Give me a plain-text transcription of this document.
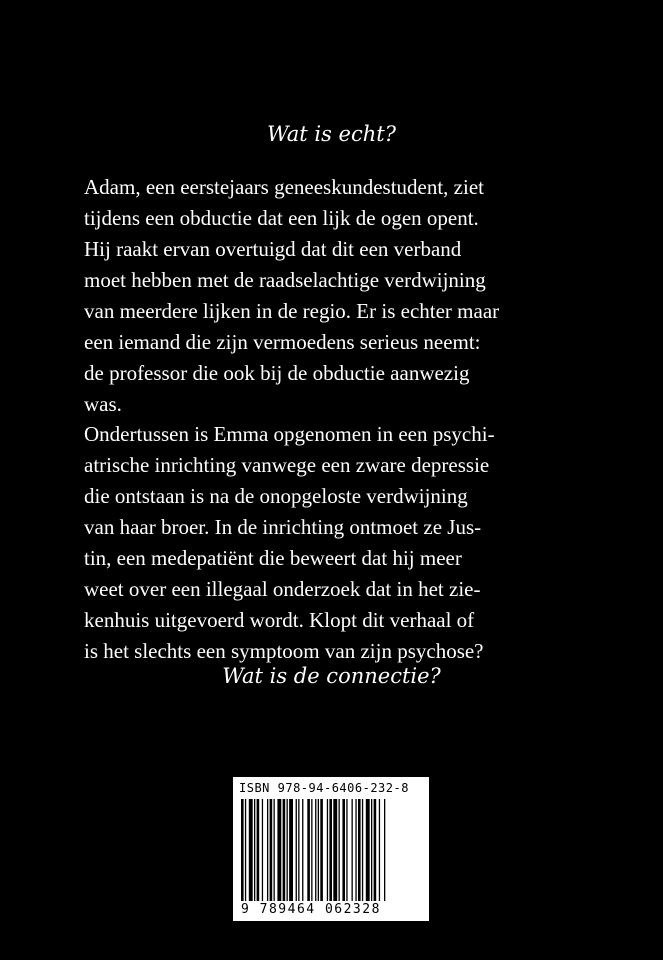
Wat is echt?

Adam, een eerstejaars geneeskundestudent, ziet
tijdens een obductie dat een lijk de ogen opent.
Hij raakt ervan overtuigd dat dit een verband
moet hebben met de raadselachtige verdwijning
van meerdere lijken in de regio. Er is echter maar
een iemand die zijn vermoedens serieus neemt:
de professor die ook bij de obductie aanwezig
was.

Ondertussen is Emma opgenomen in een psychi-
atrische inrichting vanwege een zware depressie
die ontstaan is na de onopgeloste verdwijning
van haar broer. In de inrichting ontmoet ze Jus-
tin, een medepatiënt die beweert dat hij meer
weet over een illegaal onderzoek dat in het zie-
kenhuis uitgevoerd wordt. Klopt dit verhaal of
is het slechts een symptoom van zijn psychose?

Wat is de connectie?

ISBN 978-94-6406-232-8
9 789464 062328
